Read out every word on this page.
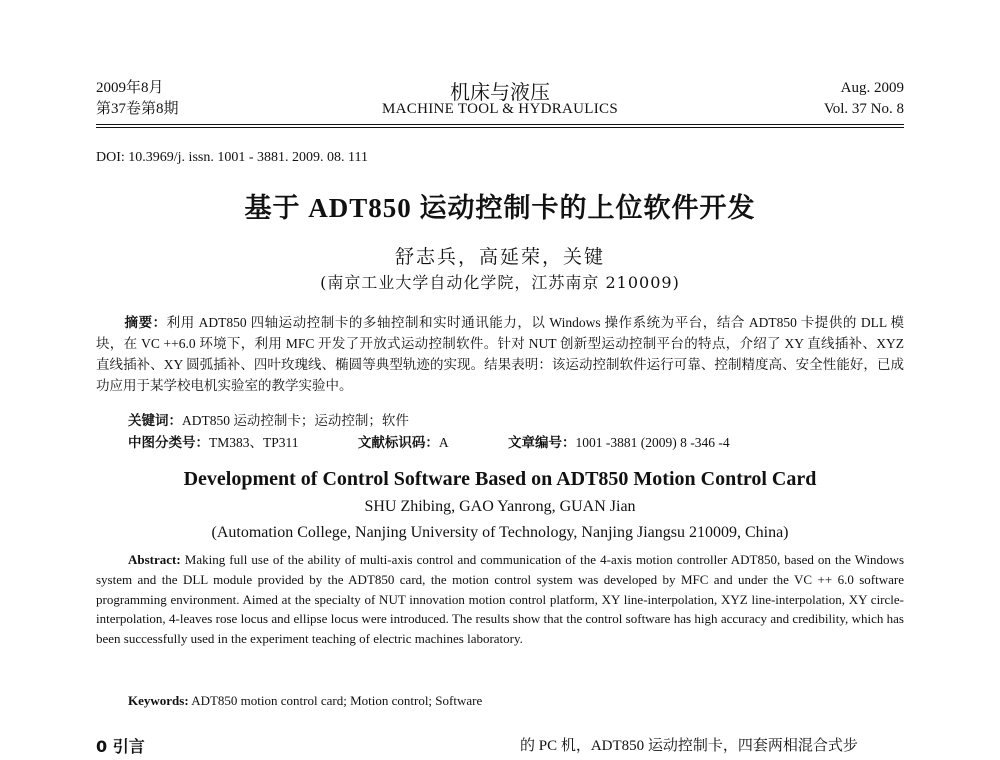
2009年8月
第37卷第8期
机床与液压
MACHINE TOOL & HYDRAULICS
Aug. 2009
Vol. 37 No. 8
DOI: 10.3969/j. issn. 1001 - 3881. 2009. 08. 111
基于 ADT850 运动控制卡的上位软件开发
舒志兵，高延荣，关键
(南京工业大学自动化学院，江苏南京 210009)
摘要：利用 ADT850 四轴运动控制卡的多轴控制和实时通讯能力，以 Windows 操作系统为平台，结合 ADT850 卡提供的 DLL 模块，在 VC ++6.0 环境下，利用 MFC 开发了开放式运动控制软件。针对 NUT 创新型运动控制平台的特点，介绍了 XY 直线插补、XYZ 直线插补、XY 圆弧插补、四叶玫瑰线、椭圆等典型轨迹的实现。结果表明：该运动控制软件运行可靠、控制精度高、安全性能好，已成功应用于某学校电机实验室的教学实验中。
关键词：ADT850 运动控制卡；运动控制；软件
中图分类号：TM383、TP311	文献标识码：A	文章编号：1001 -3881 (2009) 8 -346 -4
Development of Control Software Based on ADT850 Motion Control Card
SHU Zhibing, GAO Yanrong, GUAN Jian
(Automation College, Nanjing University of Technology, Nanjing Jiangsu 210009, China)
Abstract: Making full use of the ability of multi-axis control and communication of the 4-axis motion controller ADT850, based on the Windows system and the DLL module provided by the ADT850 card, the motion control system was developed by MFC and under the VC ++ 6.0 software programming environment. Aimed at the specialty of NUT innovation motion control platform, XY line-interpolation, XYZ line-interpolation, XY circle- interpolation, 4-leaves rose locus and ellipse locus were introduced. The results show that the control software has high accuracy and credibility, which has been successfully used in the experiment teaching of electric machines laboratory.
Keywords: ADT850 motion control card; Motion control; Software
0 引言	的 PC 机，ADT850 运动控制卡，四套两相混合式步
